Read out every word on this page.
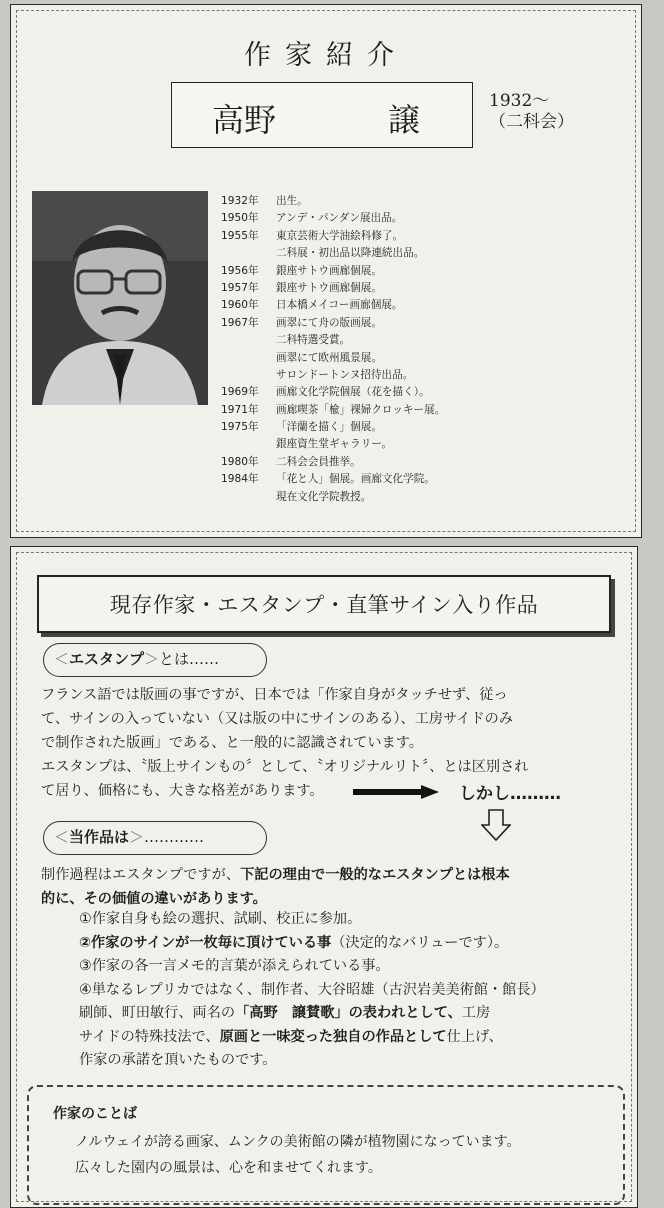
作家紹介
高野	譲	1932〜
（二科会）
1932年 出生。
1950年 アンデ・パンダン展出品。
1955年 東京芸術大学油絵科修了。
二科展・初出品以降連続出品。
1956年 銀座サトウ画廊個展。
1957年 銀座サトウ画廊個展。
1960年 日本橋メイコー画廊個展。
1967年 画翠にて舟の版画展。
二科特選受賞。
画翠にて欧州風景展。
サロンドートンヌ招待出品。
1969年 画廊文化学院個展（花を描く）。
1971年 画廊喫茶「楡」裸婦クロッキー展。
1975年 「洋蘭を描く」個展。
銀座資生堂ギャラリー。
1980年 二科会会員推挙。
1984年 「花と人」個展。画廊文化学院。
現在文化学院教授。
現存作家・エスタンプ・直筆サイン入り作品
＜エスタンプ＞とは……

フランス語では版画の事ですが、日本では「作家自身がタッチせず、従っ

て、サインの入っていない（又は版の中にサインのある）、工房サイドのみ

で制作された版画」である、と一般的に認識されています。

エスタンプは、〝版上サインもの〞として、〝オリジナルリト〞、とは区別され

て居り、価格にも、大きな格差があります。	しかし………
＜当作品は＞…………

制作過程はエスタンプですが、下記の理由で一般的なエスタンプとは根本

的に、その価値の違いがあります。

①作家自身も絵の選択、試刷、校正に参加。

②作家のサインが一枚毎に頂けている事（決定的なバリューです）。

③作家の各一言メモ的言葉が添えられている事。

④単なるレプリカではなく、制作者、大谷昭雄（古沢岩美美術館・館長）

刷師、町田敏行、両名の「高野　譲賛歌」の表われとして、工房

サイドの特殊技法で、原画と一味変った独自の作品として仕上げ、

作家の承諾を頂いたものです。

作家のことば

ノルウェイが誇る画家、ムンクの美術館の隣が植物園になっています。

広々した園内の風景は、心を和ませてくれます。
